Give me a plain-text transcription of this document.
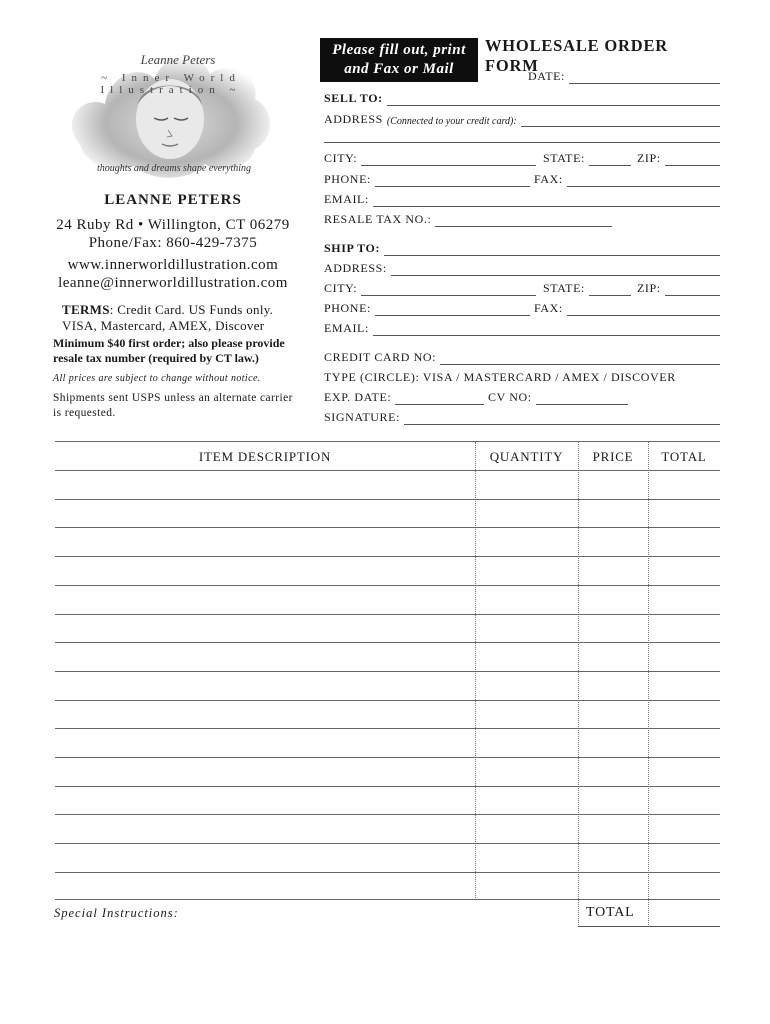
Leanne Peters
~ Inner World Illustration ~
thoughts and dreams shape everything
LEANNE PETERS
24 Ruby Rd • Willington, CT 06279
Phone/Fax: 860-429-7375
www.innerworldillustration.com
leanne@innerworldillustration.com
TERMS: Credit Card. US Funds only.
VISA, Mastercard, AMEX, Discover
Minimum $40 first order; also please provide resale tax number (required by CT law.)
All prices are subject to change without notice.
Shipments sent USPS unless an alternate carrier is requested.
Please fill out, print
and Fax or Mail
WHOLESALE ORDER FORM
DATE:
SELL TO:
ADDRESS (Connected to your credit card):
CITY:	STATE:	ZIP:
PHONE:	FAX:
EMAIL:
RESALE TAX NO.:
SHIP TO:
ADDRESS:
CITY:	STATE:	ZIP:
PHONE:	FAX:
EMAIL:
CREDIT CARD NO:
TYPE (CIRCLE): VISA / MASTERCARD / AMEX / DISCOVER
EXP. DATE:	CV NO:
SIGNATURE:
ITEM DESCRIPTION	QUANTITY	PRICE	TOTAL
Special Instructions:	TOTAL
